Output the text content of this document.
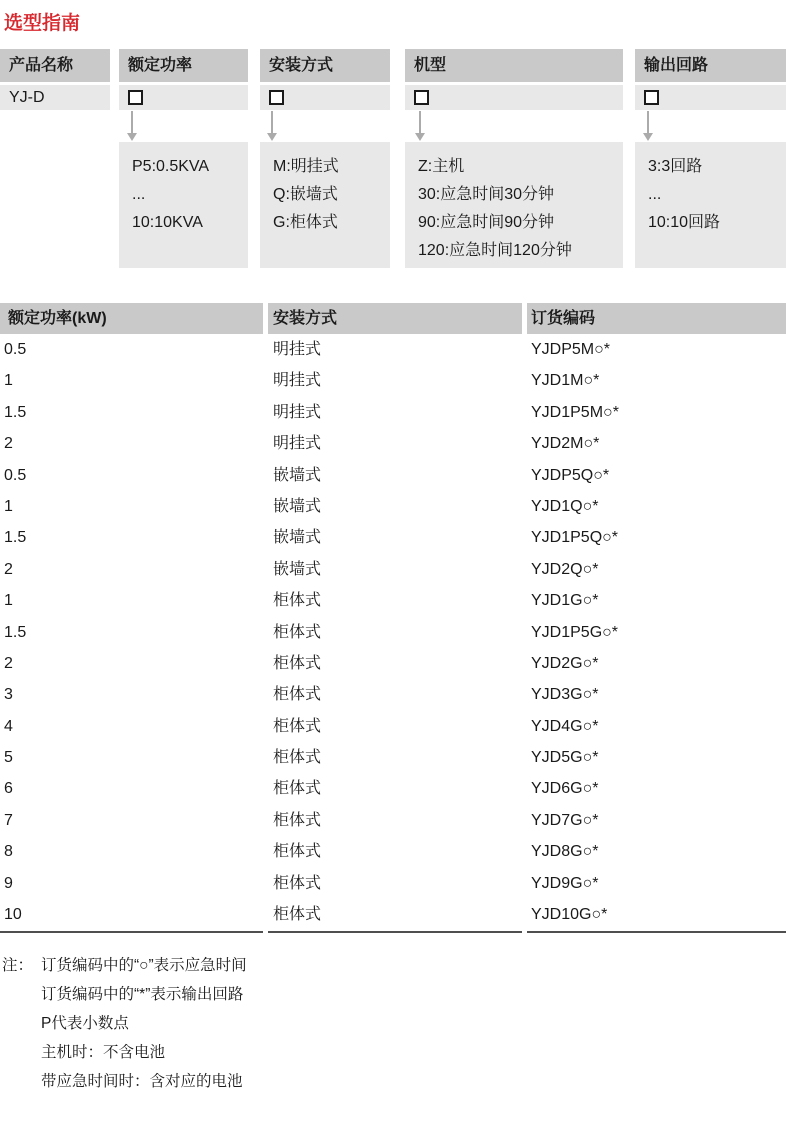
选型指南
产品名称	额定功率	安装方式	机型	输出回路
YJ-D
P5:0.5KVA
...
10:10KVA
M:明挂式
Q:嵌墙式
G:柜体式
Z:主机
30:应急时间30分钟
90:应急时间90分钟
120:应急时间120分钟
3:3回路
...
10:10回路
额定功率(kW)	安装方式	订货编码
0.5	明挂式	YJDP5M○*
1	明挂式	YJD1M○*
1.5	明挂式	YJD1P5M○*
2	明挂式	YJD2M○*
0.5	嵌墙式	YJDP5Q○*
1	嵌墙式	YJD1Q○*
1.5	嵌墙式	YJD1P5Q○*
2	嵌墙式	YJD2Q○*
1	柜体式	YJD1G○*
1.5	柜体式	YJD1P5G○*
2	柜体式	YJD2G○*
3	柜体式	YJD3G○*
4	柜体式	YJD4G○*
5	柜体式	YJD5G○*
6	柜体式	YJD6G○*
7	柜体式	YJD7G○*
8	柜体式	YJD8G○*
9	柜体式	YJD9G○*
10	柜体式	YJD10G○*
注： 订货编码中的“○”表示应急时间
订货编码中的“*”表示输出回路
P代表小数点
主机时：不含电池
带应急时间时：含对应的电池
